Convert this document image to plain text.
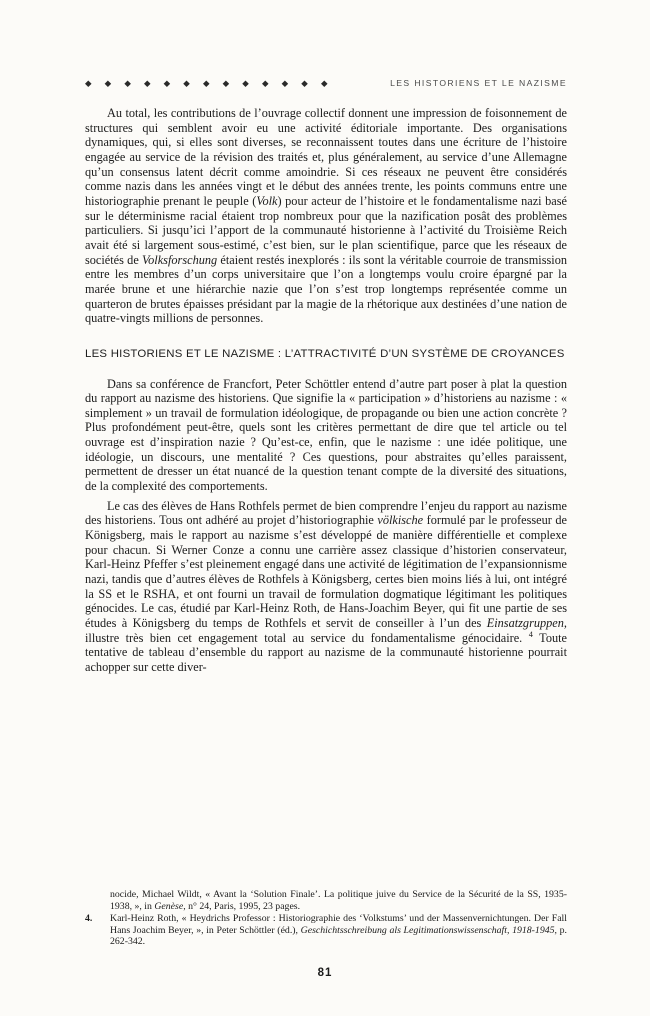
◆ ◆ ◆ ◆ ◆ ◆ ◆ ◆ ◆ ◆ ◆ ◆ ◆	LES HISTORIENS ET LE NAZISME

Au total, les contributions de l’ouvrage collectif donnent une impression de foisonnement de structures qui semblent avoir eu une activité éditoriale importante. Des organisations dynamiques, qui, si elles sont diverses, se reconnaissent toutes dans une écriture de l’histoire engagée au service de la révision des traités et, plus généralement, au service d’une Allemagne qu’un consensus latent décrit comme amoindrie. Si ces réseaux ne peuvent être considérés comme nazis dans les années vingt et le début des années trente, les points communs entre une historiographie prenant le peuple (Volk) pour acteur de l’histoire et le fondamentalisme nazi basé sur le déterminisme racial étaient trop nombreux pour que la nazification posât des problèmes particuliers. Si jusqu’ici l’apport de la communauté historienne à l’activité du Troisième Reich avait été si largement sous-estimé, c’est bien, sur le plan scientifique, parce que les réseaux de sociétés de Volksforschung étaient restés inexplorés : ils sont la véritable courroie de transmission entre les membres d’un corps universitaire que l’on a longtemps voulu croire épargné par la marée brune et une hiérarchie nazie que l’on s’est trop longtemps représentée comme un quarteron de brutes épaisses présidant par la magie de la rhétorique aux destinées d’une nation de quatre-vingts millions de personnes.

LES HISTORIENS ET LE NAZISME : L’ATTRACTIVITÉ D’UN SYSTÈME DE CROYANCES

Dans sa conférence de Francfort, Peter Schöttler entend d’autre part poser à plat la question du rapport au nazisme des historiens. Que signifie la « participation » d’historiens au nazisme : « simplement » un travail de formulation idéologique, de propagande ou bien une action concrète ? Plus profondément peut-être, quels sont les critères permettant de dire que tel article ou tel ouvrage est d’inspiration nazie ? Qu’est-ce, enfin, que le nazisme : une idée politique, une idéologie, un discours, une mentalité ? Ces questions, pour abstraites qu’elles paraissent, permettent de dresser un état nuancé de la question tenant compte de la diversité des situations, de la complexité des comportements.

Le cas des élèves de Hans Rothfels permet de bien comprendre l’enjeu du rapport au nazisme des historiens. Tous ont adhéré au projet d’historiographie völkische formulé par le professeur de Königsberg, mais le rapport au nazisme s’est développé de manière différentielle et complexe pour chacun. Si Werner Conze a connu une carrière assez classique d’historien conservateur, Karl-Heinz Pfeffer s’est pleinement engagé dans une activité de légitimation de l’expansionnisme nazi, tandis que d’autres élèves de Rothfels à Königsberg, certes bien moins liés à lui, ont intégré la SS et le RSHA, et ont fourni un travail de formulation dogmatique légitimant les politiques génocides. Le cas, étudié par Karl-Heinz Roth, de Hans-Joachim Beyer, qui fit une partie de ses études à Königsberg du temps de Rothfels et servit de conseiller à l’un des Einsatzgruppen, illustre très bien cet engagement total au service du fondamentalisme génocidaire. $^4$ Toute tentative de tableau d’ensemble du rapport au nazisme de la communauté historienne pourrait achopper sur cette diver-

nocide, Michael Wildt, « Avant la ‘Solution Finale’. La politique juive du Service de la Sécurité de la SS, 1935-1938, », in Genèse, n° 24, Paris, 1995, 23 pages.

4. Karl-Heinz Roth, « Heydrichs Professor : Historiographie des ‘Volkstums’ und der Massenvernichtungen. Der Fall Hans Joachim Beyer, », in Peter Schöttler (éd.), Geschichtsschreibung als Legitimationswissenschaft, 1918-1945, p. 262-342.

81
